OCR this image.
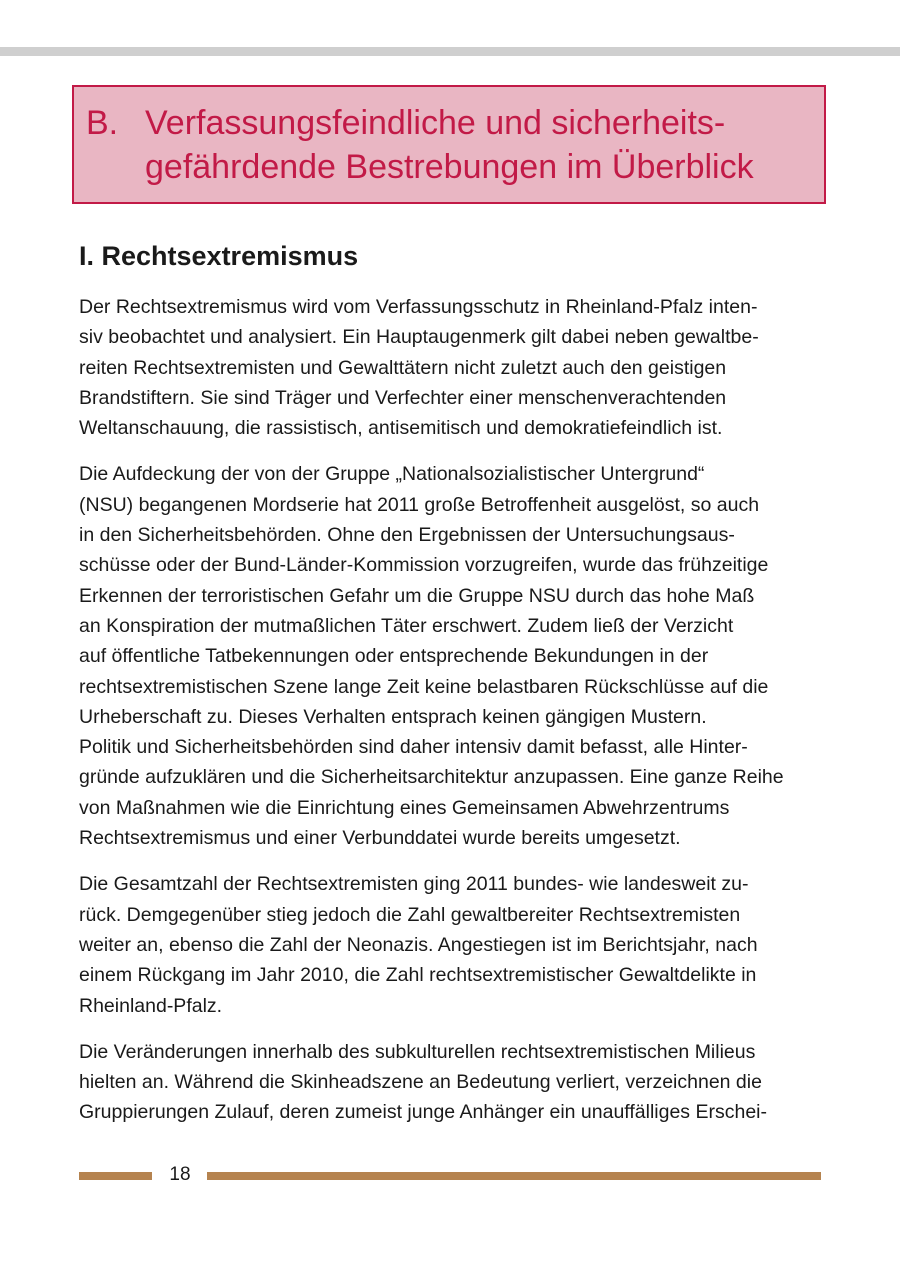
B. Verfassungsfeindliche und sicherheits-
gefährdende Bestrebungen im Überblick
I. Rechtsextremismus
Der Rechtsextremismus wird vom Verfassungsschutz in Rheinland-Pfalz inten-
siv beobachtet und analysiert. Ein Hauptaugenmerk gilt dabei neben gewaltbe-
reiten Rechtsextremisten und Gewalttätern nicht zuletzt auch den geistigen
Brandstiftern. Sie sind Träger und Verfechter einer menschenverachtenden
Weltanschauung, die rassistisch, antisemitisch und demokratiefeindlich ist.
Die Aufdeckung der von der Gruppe „Nationalsozialistischer Untergrund“
(NSU) begangenen Mordserie hat 2011 große Betroffenheit ausgelöst, so auch
in den Sicherheitsbehörden. Ohne den Ergebnissen der Untersuchungsaus-
schüsse oder der Bund-Länder-Kommission vorzugreifen, wurde das frühzeitige
Erkennen der terroristischen Gefahr um die Gruppe NSU durch das hohe Maß
an Konspiration der mutmaßlichen Täter erschwert. Zudem ließ der Verzicht
auf öffentliche Tatbekennungen oder entsprechende Bekundungen in der
rechtsextremistischen Szene lange Zeit keine belastbaren Rückschlüsse auf die
Urheberschaft zu. Dieses Verhalten entsprach keinen gängigen Mustern.
Politik und Sicherheitsbehörden sind daher intensiv damit befasst, alle Hinter-
gründe aufzuklären und die Sicherheitsarchitektur anzupassen. Eine ganze Reihe
von Maßnahmen wie die Einrichtung eines Gemeinsamen Abwehrzentrums
Rechtsextremismus und einer Verbunddatei wurde bereits umgesetzt.
Die Gesamtzahl der Rechtsextremisten ging 2011 bundes- wie landesweit zu-
rück. Demgegenüber stieg jedoch die Zahl gewaltbereiter Rechtsextremisten
weiter an, ebenso die Zahl der Neonazis. Angestiegen ist im Berichtsjahr, nach
einem Rückgang im Jahr 2010, die Zahl rechtsextremistischer Gewaltdelikte in
Rheinland-Pfalz.
Die Veränderungen innerhalb des subkulturellen rechtsextremistischen Milieus
hielten an. Während die Skinheadszene an Bedeutung verliert, verzeichnen die
Gruppierungen Zulauf, deren zumeist junge Anhänger ein unauffälliges Erschei-
18
